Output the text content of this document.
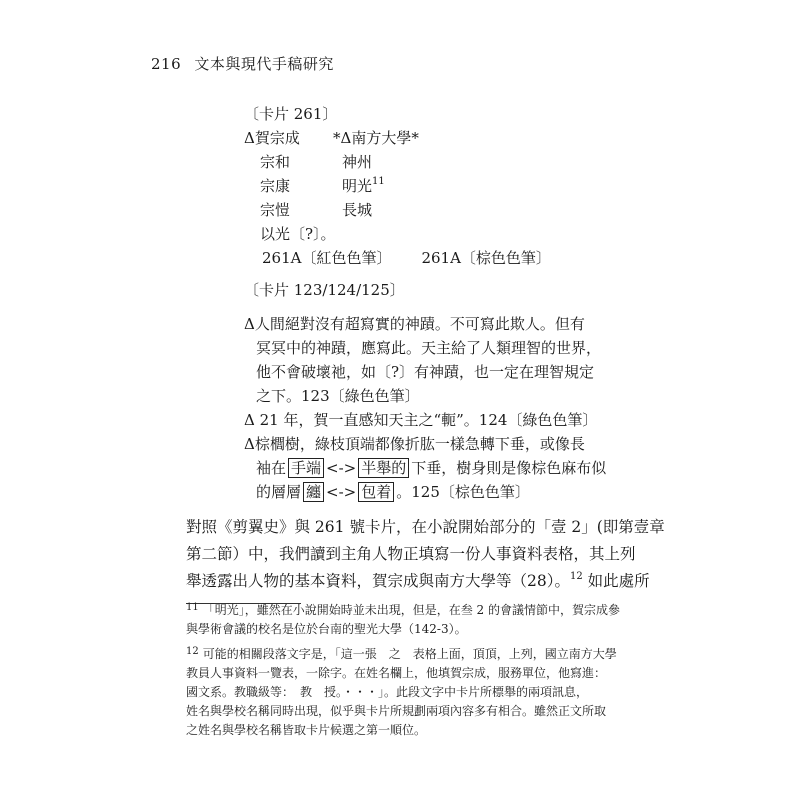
216 文本與現代手稿研究
〔卡片 261〕
Δ賀宗成 *Δ南方大學*
宗和	神州
宗康	明光$^{11}$
宗愷	長城
以光〔?〕。
261A〔紅色色筆〕 261A〔棕色色筆〕
〔卡片 123/124/125〕
Δ人間絕對沒有超寫實的神蹟。不可寫此欺人。但有
冥冥中的神蹟，應寫此。天主給了人類理智的世界，
他不會破壞祂，如〔?〕有神蹟，也一定在理智規定
之下。123〔綠色色筆〕
Δ 21 年，賀一直感知天主之“軛”。124〔綠色色筆〕
Δ棕櫚樹，綠枝頂端都像折肱一樣急轉下垂，或像長
袖在 手端 <-> 半舉的 下垂，樹身則是像棕色麻布似
的層層 纏 <-> 包着 。125〔棕色色筆〕
對照《剪翼史》與 261 號卡片，在小說開始部分的「壹 2」(即第壹章
第二節）中，我們讀到主角人物正填寫一份人事資料表格，其上列
舉透露出人物的基本資料，賀宗成與南方大學等（28）。$^{12}$ 如此處所
$^{11}$ 「明光」，雖然在小說開始時並未出現，但是，在叁 2 的會議情節中，賀宗成參
與學術會議的校名是位於台南的聖光大學（142-3）。
$^{12}$ 可能的相關段落文字是，「這一張　之　表格上面，頂頂，上列，國立南方大學
教員人事資料一覽表，一除字。在姓名欄上，他填賀宗成，服務單位，他寫進：
國文系。教職級等：　教　授。・・・」。此段文字中卡片所標舉的兩項訊息，
姓名與學校名稱同時出現，似乎與卡片所規劃兩項內容多有相合。雖然正文所取
之姓名與學校名稱皆取卡片候選之第一順位。
